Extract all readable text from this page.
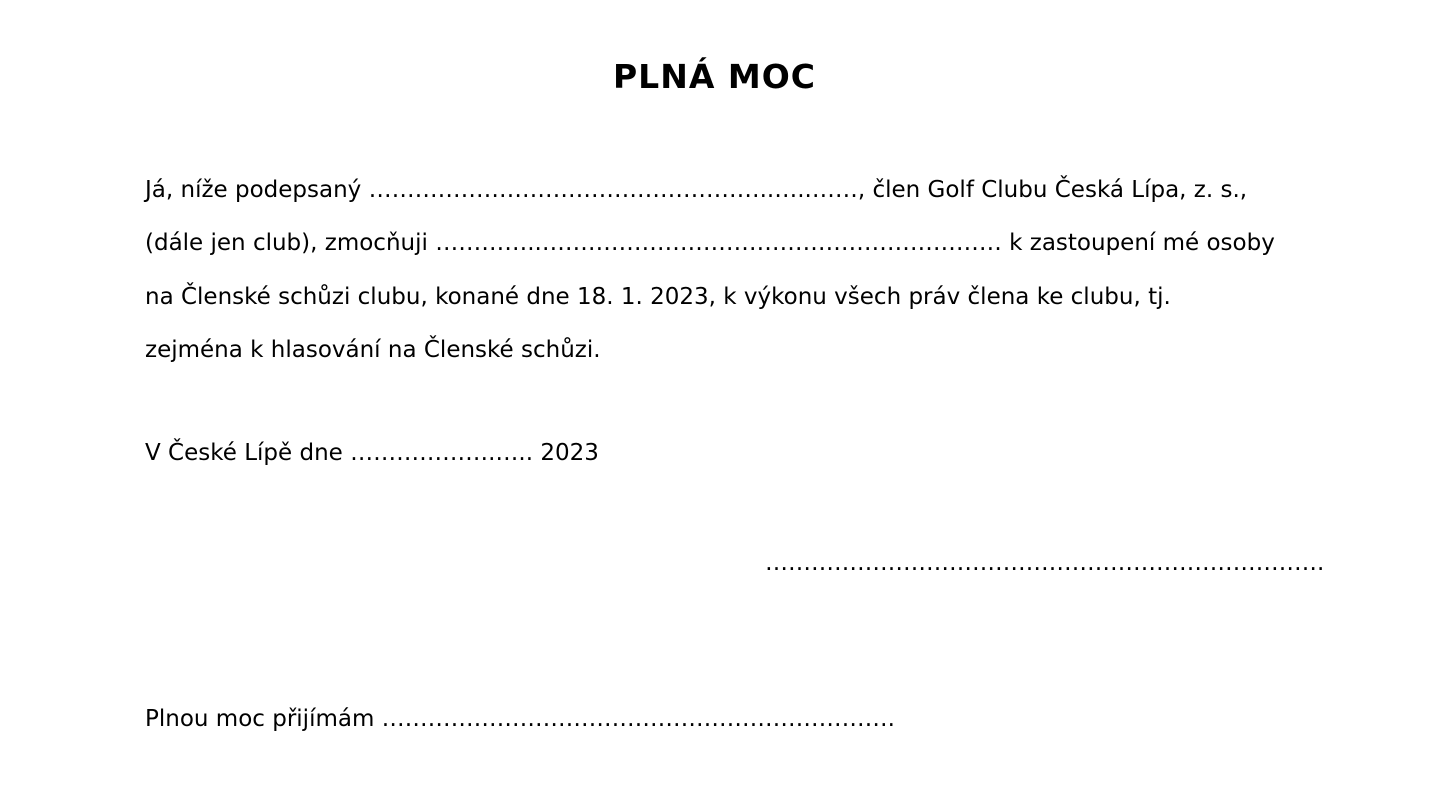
PLNÁ MOC

Já, níže podepsaný ……………………………………………..…..……, člen Golf Clubu Česká Lípa, z. s.,

(dále jen club), zmocňuji …………..…………………………………………………… k zastoupení mé osoby

na Členské schůzi clubu, konané dne 18. 1. 2023, k výkonu všech práv člena ke clubu, tj.

zejména k hlasování na Členské schůzi.

V České Lípě dne ……………….….. 2023

……………………………………………………………….

Plnou moc přijímám ………………………………………………………….
